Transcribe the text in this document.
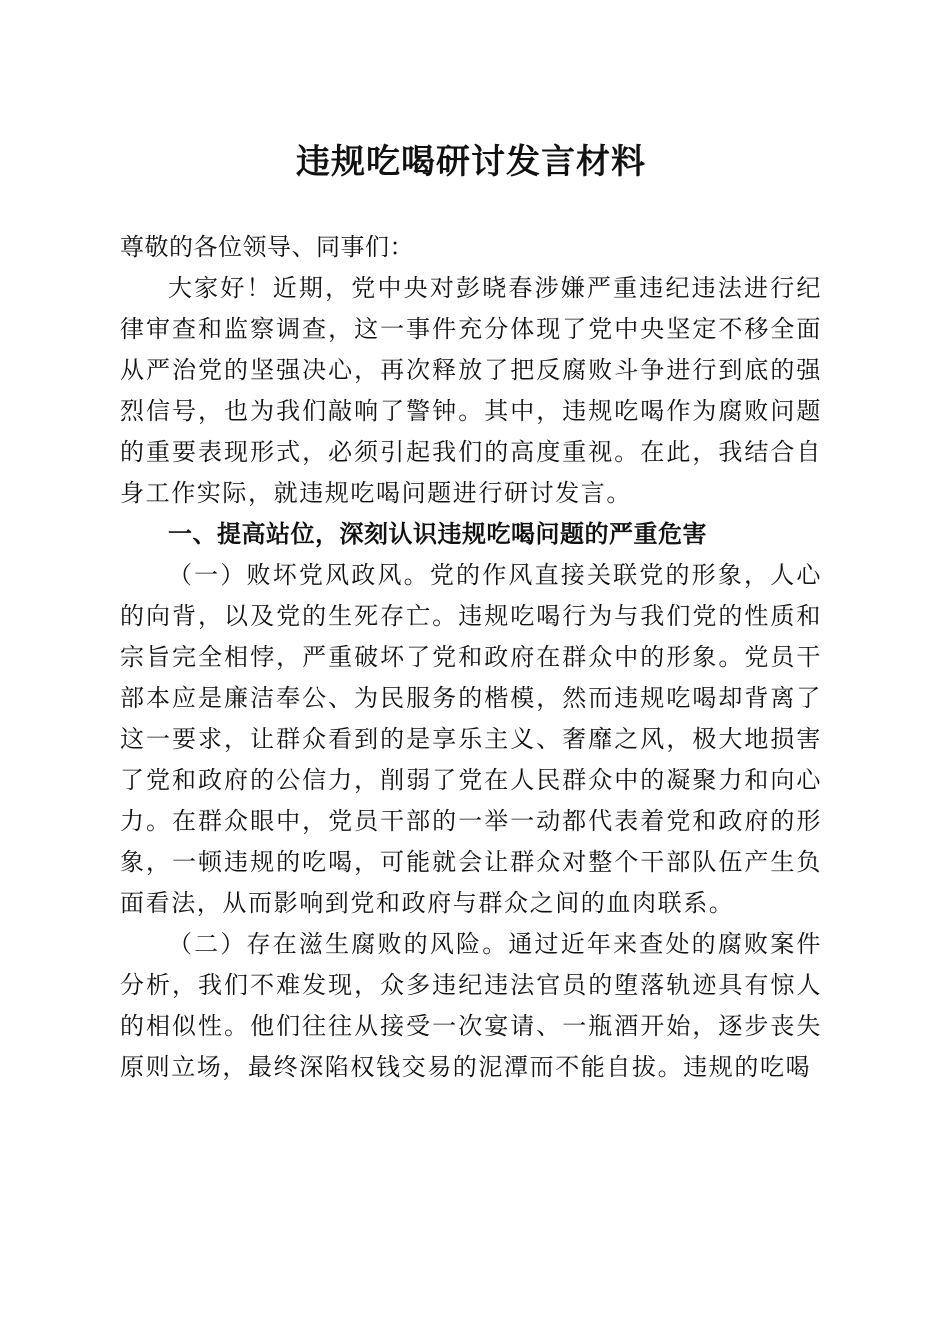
违规吃喝研讨发言材料

尊敬的各位领导、同事们：

大家好！近期，党中央对彭晓春涉嫌严重违纪违法进行纪律审查和监察调查，这一事件充分体现了党中央坚定不移全面从严治党的坚强决心，再次释放了把反腐败斗争进行到底的强烈信号，也为我们敲响了警钟。其中，违规吃喝作为腐败问题的重要表现形式，必须引起我们的高度重视。在此，我结合自身工作实际，就违规吃喝问题进行研讨发言。

一、提高站位，深刻认识违规吃喝问题的严重危害

（一）败坏党风政风。党的作风直接关联党的形象，人心的向背，以及党的生死存亡。违规吃喝行为与我们党的性质和宗旨完全相悖，严重破坏了党和政府在群众中的形象。党员干部本应是廉洁奉公、为民服务的楷模，然而违规吃喝却背离了这一要求，让群众看到的是享乐主义、奢靡之风，极大地损害了党和政府的公信力，削弱了党在人民群众中的凝聚力和向心力。在群众眼中，党员干部的一举一动都代表着党和政府的形象，一顿违规的吃喝，可能就会让群众对整个干部队伍产生负面看法，从而影响到党和政府与群众之间的血肉联系。

（二）存在滋生腐败的风险。通过近年来查处的腐败案件分析，我们不难发现，众多违纪违法官员的堕落轨迹具有惊人的相似性。他们往往从接受一次宴请、一瓶酒开始，逐步丧失原则立场，最终深陷权钱交易的泥潭而不能自拔。违规的吃喝
